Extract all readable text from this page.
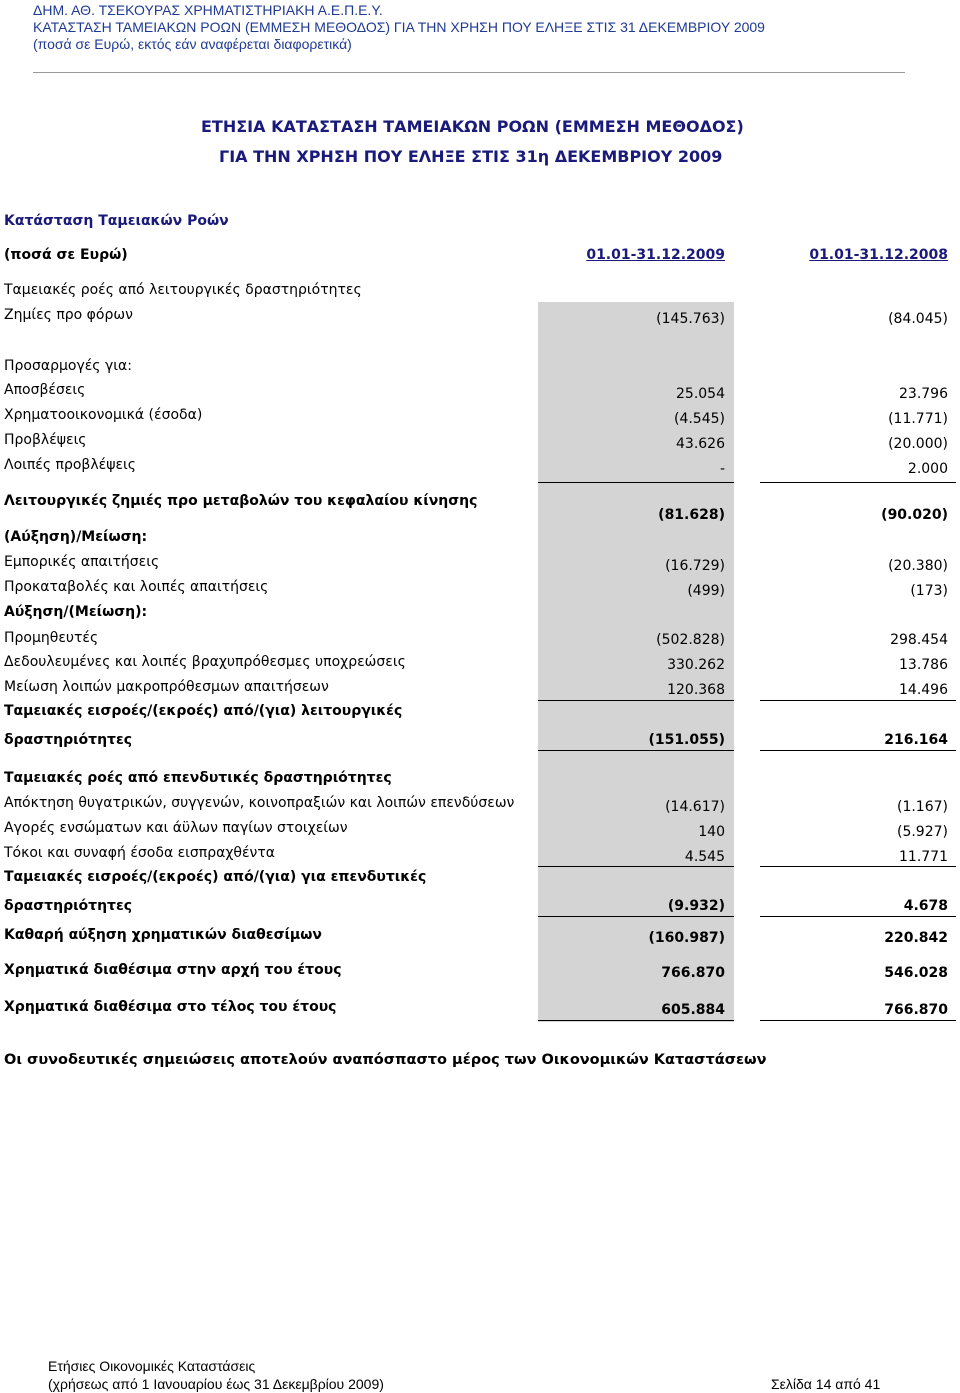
ΔΗΜ. ΑΘ. ΤΣΕΚΟΥΡΑΣ ΧΡΗΜΑΤΙΣΤΗΡΙΑΚΗ Α.Ε.Π.Ε.Υ.
ΚΑΤΑΣΤΑΣΗ ΤΑΜΕΙΑΚΩΝ ΡΟΩΝ (ΕΜΜΕΣΗ ΜΕΘΟΔΟΣ) ΓΙΑ ΤΗΝ ΧΡΗΣΗ ΠΟΥ ΕΛΗΞΕ ΣΤΙΣ 31 ΔΕΚΕΜΒΡΙΟΥ 2009
(ποσά σε Ευρώ, εκτός εάν αναφέρεται διαφορετικά)
ΕΤΗΣΙΑ ΚΑΤΑΣΤΑΣΗ ΤΑΜΕΙΑΚΩΝ ΡΟΩΝ (ΕΜΜΕΣΗ ΜΕΘΟΔΟΣ)
ΓΙΑ ΤΗΝ ΧΡΗΣΗ ΠΟΥ ΕΛΗΞΕ ΣΤΙΣ 31η ΔΕΚΕΜΒΡΙΟΥ 2009
Κατάσταση Ταμειακών Ροών
(ποσά σε Ευρώ)	01.01-31.12.2009	01.01-31.12.2008
Ταμειακές ροές από λειτουργικές δραστηριότητες
Ζημίες προ φόρων	(145.763)	(84.045)
Προσαρμογές για:
Αποσβέσεις	25.054	23.796
Χρηματοοικονομικά (έσοδα)	(4.545)	(11.771)
Προβλέψεις	43.626	(20.000)
Λοιπές προβλέψεις	-	2.000
Λειτουργικές ζημιές προ μεταβολών του κεφαλαίου κίνησης
(81.628)	(90.020)
(Αύξηση)/Μείωση:
Εμπορικές απαιτήσεις	(16.729)	(20.380)
Προκαταβολές και λοιπές απαιτήσεις	(499)	(173)
Αύξηση/(Μείωση):
Προμηθευτές	(502.828)	298.454
Δεδουλευμένες και λοιπές βραχυπρόθεσμες υποχρεώσεις	330.262	13.786
Μείωση λοιπών μακροπρόθεσμων απαιτήσεων	120.368	14.496
Ταμειακές εισροές/(εκροές) από/(για) λειτουργικές
δραστηριότητες	(151.055)	216.164
Ταμειακές ροές από επενδυτικές δραστηριότητες
Απόκτηση θυγατρικών, συγγενών, κοινοπραξιών και λοιπών επενδύσεων	(14.617)	(1.167)
Αγορές ενσώματων και άϋλων παγίων στοιχείων	140	(5.927)
Τόκοι και συναφή έσοδα εισπραχθέντα	4.545	11.771
Ταμειακές εισροές/(εκροές) από/(για) για επενδυτικές
δραστηριότητες	(9.932)	4.678
Καθαρή αύξηση χρηματικών διαθεσίμων	(160.987)	220.842
Χρηματικά διαθέσιμα στην αρχή του έτους	766.870	546.028
Χρηματικά διαθέσιμα στο τέλος του έτους	605.884	766.870
Οι συνοδευτικές σημειώσεις αποτελούν αναπόσπαστο μέρος των Οικονομικών Καταστάσεων
Ετήσιες Οικονομικές Καταστάσεις
(χρήσεως από 1 Ιανουαρίου έως 31 Δεκεμβρίου 2009)	Σελίδα 14 από 41
